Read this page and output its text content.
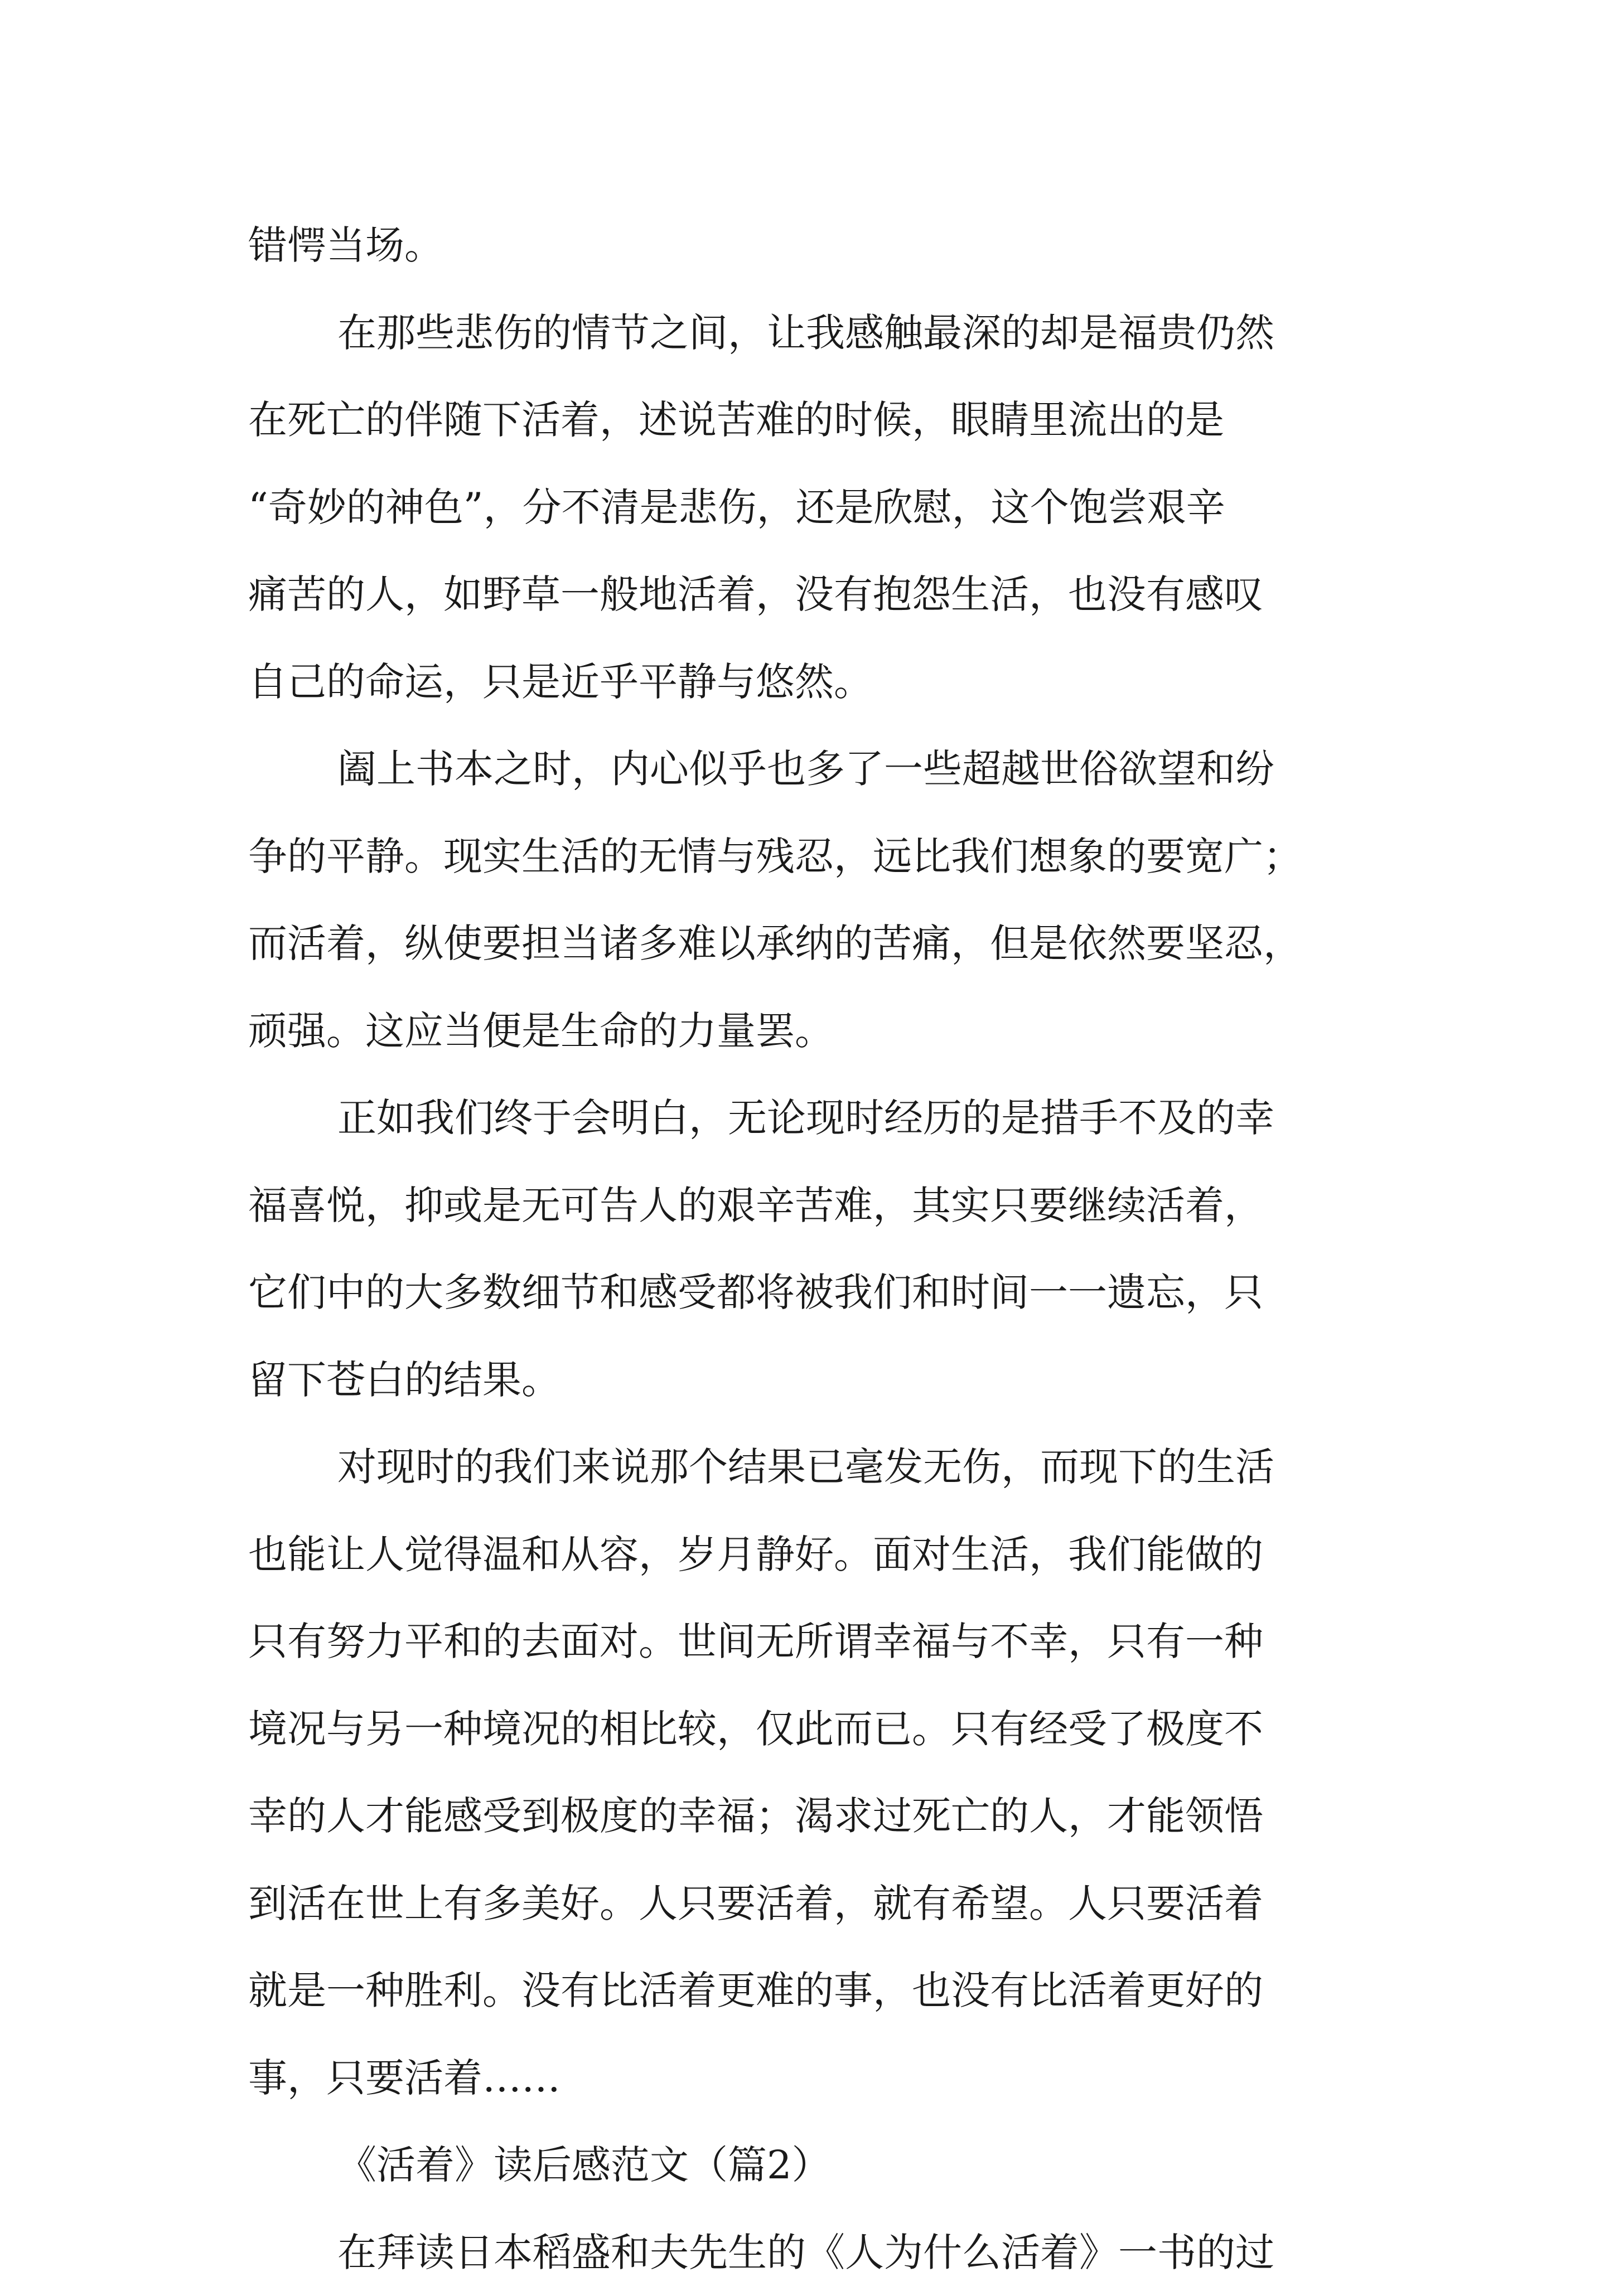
错愕当场。
在那些悲伤的情节之间，让我感触最深的却是福贵仍然
在死亡的伴随下活着，述说苦难的时候，眼睛里流出的是
“奇妙的神色”，分不清是悲伤，还是欣慰，这个饱尝艰辛
痛苦的人，如野草一般地活着，没有抱怨生活，也没有感叹
自己的命运，只是近乎平静与悠然。
阖上书本之时，内心似乎也多了一些超越世俗欲望和纷
争的平静。现实生活的无情与残忍，远比我们想象的要宽广；
而活着，纵使要担当诸多难以承纳的苦痛，但是依然要坚忍，
顽强。这应当便是生命的力量罢。
正如我们终于会明白，无论现时经历的是措手不及的幸
福喜悦，抑或是无可告人的艰辛苦难，其实只要继续活着，
它们中的大多数细节和感受都将被我们和时间一一遗忘，只
留下苍白的结果。
对现时的我们来说那个结果已毫发无伤，而现下的生活
也能让人觉得温和从容，岁月静好。面对生活，我们能做的
只有努力平和的去面对。世间无所谓幸福与不幸，只有一种
境况与另一种境况的相比较，仅此而已。只有经受了极度不
幸的人才能感受到极度的幸福；渴求过死亡的人，才能领悟
到活在世上有多美好。人只要活着，就有希望。人只要活着
就是一种胜利。没有比活着更难的事，也没有比活着更好的
事，只要活着……
《活着》读后感范文（篇2）
在拜读日本稻盛和夫先生的《人为什么活着》一书的过
